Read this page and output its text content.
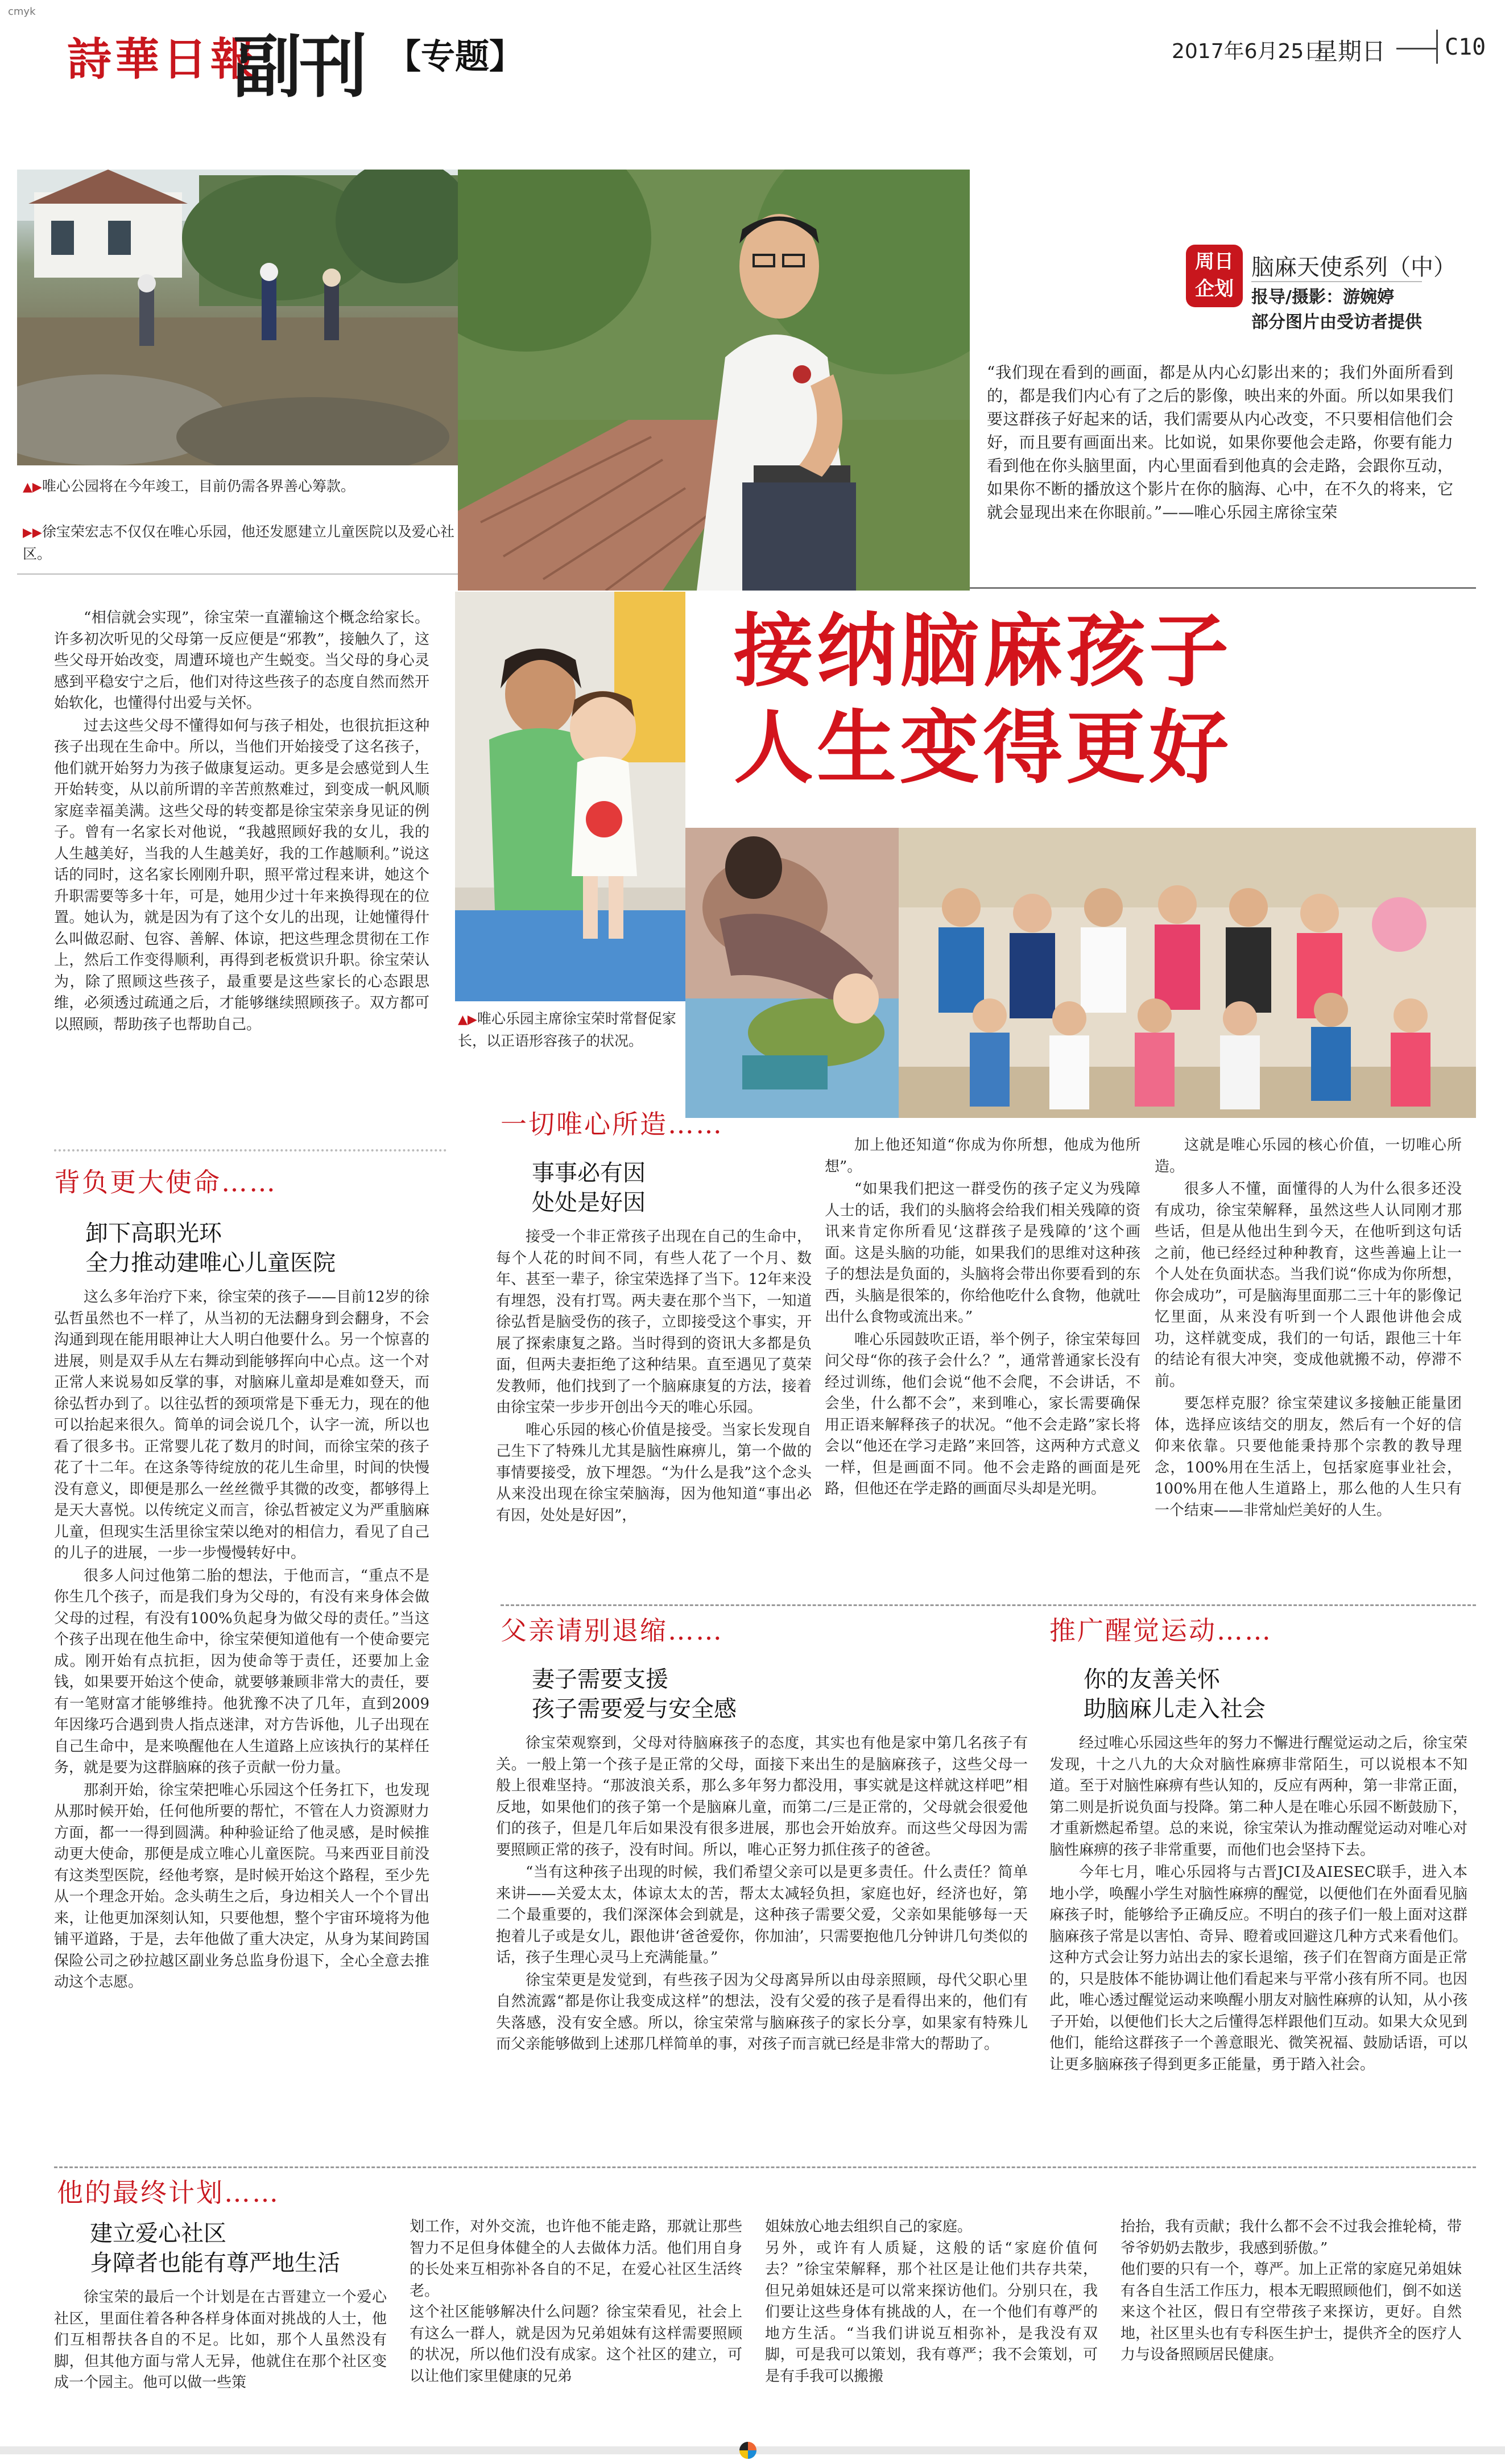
cmyk
詩華日報
副刊 【专题】	2017年6月25日
星期日	C10
周日
企划
脑麻天使系列（中）
报导/摄影：游婉婷
部分图片由受访者提供
“我们现在看到的画面，都是从内心幻影出来的；我们外面所看到的，都是我们内心有了之后的影像，映出来的外面。所以如果我们要这群孩子好起来的话，我们需要从内心改变，不只要相信他们会好，而且要有画面出来。比如说，如果你要他会走路，你要有能力看到他在你头脑里面，内心里面看到他真的会走路，会跟你互动，如果你不断的播放这个影片在你的脑海、心中，在不久的将来，它就会显现出来在你眼前。”——唯心乐园主席徐宝荣
▲▶唯心公园将在今年竣工，目前仍需各界善心筹款。
▶▶徐宝荣宏志不仅仅在唯心乐园，他还发愿建立儿童医院以及爱心社区。

“相信就会实现”，徐宝荣一直灌输这个概念给家长。许多初次听见的父母第一反应便是“邪教”，接触久了，这些父母开始改变，周遭环境也产生蜕变。当父母的身心灵感到平稳安宁之后，他们对待这些孩子的态度自然而然开始软化，也懂得付出爱与关怀。

过去这些父母不懂得如何与孩子相处，也很抗拒这种孩子出现在生命中。所以，当他们开始接受了这名孩子，他们就开始努力为孩子做康复运动。更多是会感觉到人生开始转变，从以前所谓的辛苦煎熬难过，到变成一帆风顺家庭幸福美满。这些父母的转变都是徐宝荣亲身见证的例子。曾有一名家长对他说，“我越照顾好我的女儿，我的人生越美好，当我的人生越美好，我的工作越顺利。”说这话的同时，这名家长刚刚升职，照平常过程来讲，她这个升职需要等多十年，可是，她用少过十年来换得现在的位置。她认为，就是因为有了这个女儿的出现，让她懂得什么叫做忍耐、包容、善解、体谅，把这些理念贯彻在工作上，然后工作变得顺利，再得到老板赏识升职。徐宝荣认为，除了照顾这些孩子，最重要是这些家长的心态跟思维，必须透过疏通之后，才能够继续照顾孩子。双方都可以照顾，帮助孩子也帮助自己。	▲▶唯心乐园主席徐宝荣时常督促家长，以正语形容孩子的状况。
接纳脑麻孩子
人生变得更好
背负更大使命……
卸下高职光环
全力推动建唯心儿童医院

这么多年治疗下来，徐宝荣的孩子——目前12岁的徐弘哲虽然也不一样了，从当初的无法翻身到会翻身，不会沟通到现在能用眼神让大人明白他要什么。另一个惊喜的进展，则是双手从左右舞动到能够挥向中心点。这一个对正常人来说易如反掌的事，对脑麻儿童却是难如登天，而徐弘哲办到了。以往弘哲的颈项常是下垂无力，现在的他可以抬起来很久。简单的词会说几个，认字一流，所以也看了很多书。正常婴儿花了数月的时间，而徐宝荣的孩子花了十二年。在这条等待绽放的花儿生命里，时间的快慢没有意义，即便是那么一丝丝微乎其微的改变，都够得上是天大喜悦。以传统定义而言，徐弘哲被定义为严重脑麻儿童，但现实生活里徐宝荣以绝对的相信力，看见了自己的儿子的进展，一步一步慢慢转好中。

很多人问过他第二胎的想法，于他而言，“重点不是你生几个孩子，而是我们身为父母的，有没有来身体会做父母的过程，有没有100%负起身为做父母的责任。”当这个孩子出现在他生命中，徐宝荣便知道他有一个使命要完成。刚开始有点抗拒，因为使命等于责任，还要加上金钱，如果要开始这个使命，就要够兼顾非常大的责任，要有一笔财富才能够维持。他犹豫不决了几年，直到2009年因缘巧合遇到贵人指点迷津，对方告诉他，儿子出现在自己生命中，是来唤醒他在人生道路上应该执行的某样任务，就是要为这群脑麻的孩子贡献一份力量。

那刹开始，徐宝荣把唯心乐园这个任务扛下，也发现从那时候开始，任何他所要的帮忙，不管在人力资源财力方面，都一一得到圆满。种种验证给了他灵感，是时候推动更大使命，那便是成立唯心儿童医院。马来西亚目前没有这类型医院，经他考察，是时候开始这个路程，至少先从一个理念开始。念头萌生之后，身边相关人一个个冒出来，让他更加深刻认知，只要他想，整个宇宙环境将为他铺平道路，于是，去年他做了重大决定，从身为某间跨国保险公司之砂拉越区副业务总监身份退下，全心全意去推动这个志愿。

一切唯心所造……
事事必有因
处处是好因

接受一个非正常孩子出现在自己的生命中，每个人花的时间不同，有些人花了一个月、数年、甚至一辈子，徐宝荣选择了当下。12年来没有埋怨，没有打骂。两夫妻在那个当下，一知道徐弘哲是脑受伤的孩子，立即接受这个事实，开展了探索康复之路。当时得到的资讯大多都是负面，但两夫妻拒绝了这种结果。直至遇见了莫荣发教师，他们找到了一个脑麻康复的方法，接着由徐宝荣一步步开创出今天的唯心乐园。

唯心乐园的核心价值是接受。当家长发现自己生下了特殊儿尤其是脑性麻痹儿，第一个做的事情要接受，放下埋怨。“为什么是我”这个念头从来没出现在徐宝荣脑海，因为他知道“事出必有因，处处是好因”，

加上他还知道“你成为你所想，他成为他所想”。

“如果我们把这一群受伤的孩子定义为残障人士的话，我们的头脑将会给我们相关残障的资讯来肯定你所看见‘这群孩子是残障的’这个画面。这是头脑的功能，如果我们的思维对这种孩子的想法是负面的，头脑将会带出你要看到的东西，头脑是很笨的，你给他吃什么食物，他就吐出什么食物或流出来。”

唯心乐园鼓吹正语，举个例子，徐宝荣每回问父母“你的孩子会什么？”，通常普通家长没有经过训练，他们会说“他不会爬，不会讲话，不会坐，什么都不会”，来到唯心，家长需要确保用正语来解释孩子的状况。“他不会走路”家长将会以“他还在学习走路”来回答，这两种方式意义一样，但是画面不同。他不会走路的画面是死路，但他还在学走路的画面尽头却是光明。

这就是唯心乐园的核心价值，一切唯心所造。

很多人不懂，面懂得的人为什么很多还没有成功，徐宝荣解释，虽然这些人认同刚才那些话，但是从他出生到今天，在他听到这句话之前，他已经经过种种教育，这些善遍上让一个人处在负面状态。当我们说“你成为你所想，你会成功”，可是脑海里面那二三十年的影像记忆里面，从来没有听到一个人跟他讲他会成功，这样就变成，我们的一句话，跟他三十年的结论有很大冲突，变成他就搬不动，停滞不前。

要怎样克服？徐宝荣建议多接触正能量团体，选择应该结交的朋友，然后有一个好的信仰来依靠。只要他能秉持那个宗教的教导理念，100%用在生活上，包括家庭事业社会，100%用在他人生道路上，那么他的人生只有一个结束——非常灿烂美好的人生。

父亲请别退缩……
妻子需要支援
孩子需要爱与安全感

徐宝荣观察到，父母对待脑麻孩子的态度，其实也有他是家中第几名孩子有关。一般上第一个孩子是正常的父母，面接下来出生的是脑麻孩子，这些父母一般上很难坚持。“那波浪关系，那么多年努力都没用，事实就是这样就这样吧”相反地，如果他们的孩子第一个是脑麻儿童，而第二/三是正常的，父母就会很爱他们的孩子，但是几年后如果没有很多进展，那也会开始放弃。而这些父母因为需要照顾正常的孩子，没有时间。所以，唯心正努力抓住孩子的爸爸。

“当有这种孩子出现的时候，我们希望父亲可以是更多责任。什么责任？简单来讲——关爱太太，体谅太太的苦，帮太太减轻负担，家庭也好，经济也好，第二个最重要的，我们深深体会到就是，这种孩子需要父爱，父亲如果能够每一天抱着儿子或是女儿，跟他讲‘爸爸爱你，你加油’，只需要抱他几分钟讲几句类似的话，孩子生理心灵马上充满能量。”

徐宝荣更是发觉到，有些孩子因为父母离异所以由母亲照顾，母代父职心里自然流露“都是你让我变成这样”的想法，没有父爱的孩子是看得出来的，他们有失落感，没有安全感。所以，徐宝荣常与脑麻孩子的家长分享，如果家有特殊儿而父亲能够做到上述那几样简单的事，对孩子而言就已经是非常大的帮助了。

推广醒觉运动……
你的友善关怀
助脑麻儿走入社会

经过唯心乐园这些年的努力不懈进行醒觉运动之后，徐宝荣发现，十之八九的大众对脑性麻痹非常陌生，可以说根本不知道。至于对脑性麻痹有些认知的，反应有两种，第一非常正面，第二则是折说负面与投降。第二种人是在唯心乐园不断鼓励下，才重新燃起希望。总的来说，徐宝荣认为推动醒觉运动对唯心对脑性麻痹的孩子非常重要，而他们也会坚持下去。

今年七月，唯心乐园将与古晋JCI及AIESEC联手，进入本地小学，唤醒小学生对脑性麻痹的醒觉，以便他们在外面看见脑麻孩子时，能够给予正确反应。不明白的孩子们一般上面对这群脑麻孩子常是以害怕、奇异、瞪着或回避这几种方式来看他们。这种方式会让努力站出去的家长退缩，孩子们在智商方面是正常的，只是肢体不能协调让他们看起来与平常小孩有所不同。也因此，唯心透过醒觉运动来唤醒小朋友对脑性麻痹的认知，从小孩子开始，以便他们长大之后懂得怎样跟他们互动。如果大众见到他们，能给这群孩子一个善意眼光、微笑祝福、鼓励话语，可以让更多脑麻孩子得到更多正能量，勇于踏入社会。

他的最终计划……
建立爱心社区
身障者也能有尊严地生活

徐宝荣的最后一个计划是在古晋建立一个爱心社区，里面住着各种各样身体面对挑战的人士，他们互相帮扶各自的不足。比如，那个人虽然没有脚，但其他方面与常人无异，他就住在那个社区变成一个园主。他可以做一些策

划工作，对外交流，也许他不能走路，那就让那些智力不足但身体健全的人去做体力活。他们用自身的长处来互相弥补各自的不足，在爱心社区生活终老。
这个社区能够解决什么问题？徐宝荣看见，社会上有这么一群人，就是因为兄弟姐妹有这样需要照顾的状况，所以他们没有成家。这个社区的建立，可以让他们家里健康的兄弟
姐妹放心地去组织自己的家庭。
另外，或许有人质疑，这般的话“家庭价值何去？”徐宝荣解释，那个社区是让他们共存共荣，但兄弟姐妹还是可以常来探访他们。分别只在，我们要让这些身体有挑战的人，在一个他们有尊严的地方生活。“当我们讲说互相弥补，是我没有双脚，可是我可以策划，我有尊严；我不会策划，可是有手我可以搬搬
抬抬，我有贡献；我什么都不会不过我会推轮椅，带爷爷奶奶去散步，我感到骄傲。”
他们要的只有一个，尊严。加上正常的家庭兄弟姐妹有各自生活工作压力，根本无暇照顾他们，倒不如送来这个社区，假日有空带孩子来探访，更好。自然地，社区里头也有专科医生护士，提供齐全的医疗人力与设备照顾居民健康。
